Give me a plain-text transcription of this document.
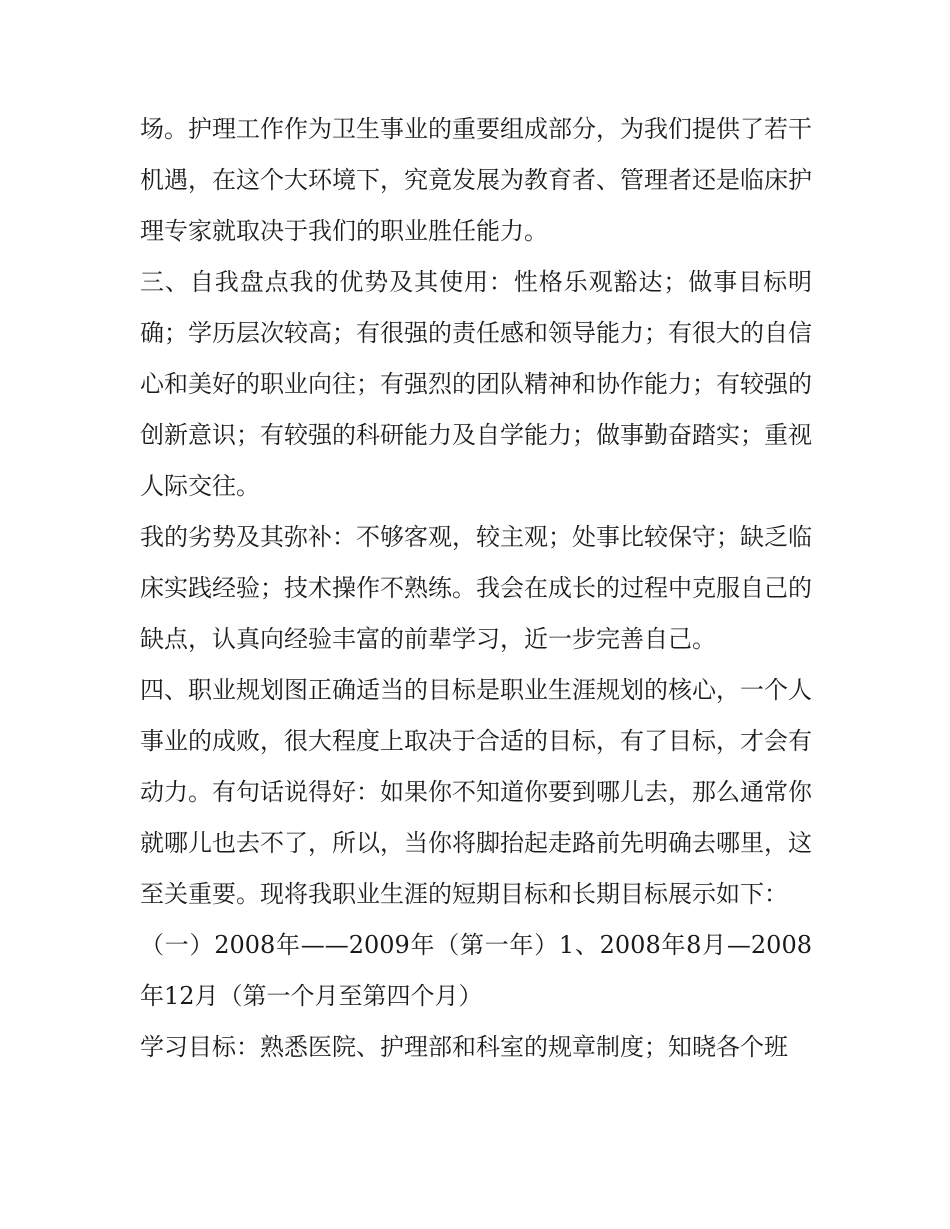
场。护理工作作为卫生事业的重要组成部分，为我们提供了若干机遇，在这个大环境下，究竟发展为教育者、管理者还是临床护理专家就取决于我们的职业胜任能力。

三、自我盘点我的优势及其使用：性格乐观豁达；做事目标明确；学历层次较高；有很强的责任感和领导能力；有很大的自信心和美好的职业向往；有强烈的团队精神和协作能力；有较强的创新意识；有较强的科研能力及自学能力；做事勤奋踏实；重视人际交往。

我的劣势及其弥补：不够客观，较主观；处事比较保守；缺乏临床实践经验；技术操作不熟练。我会在成长的过程中克服自己的缺点，认真向经验丰富的前辈学习，近一步完善自己。

四、职业规划图正确适当的目标是职业生涯规划的核心，一个人事业的成败，很大程度上取决于合适的目标，有了目标，才会有动力。有句话说得好：如果你不知道你要到哪儿去，那么通常你就哪儿也去不了，所以，当你将脚抬起走路前先明确去哪里，这至关重要。现将我职业生涯的短期目标和长期目标展示如下：

（一）2008年——2009年（第一年）1、2008年8月—2008年12月（第一个月至第四个月）

学习目标：熟悉医院、护理部和科室的规章制度；知晓各个班
